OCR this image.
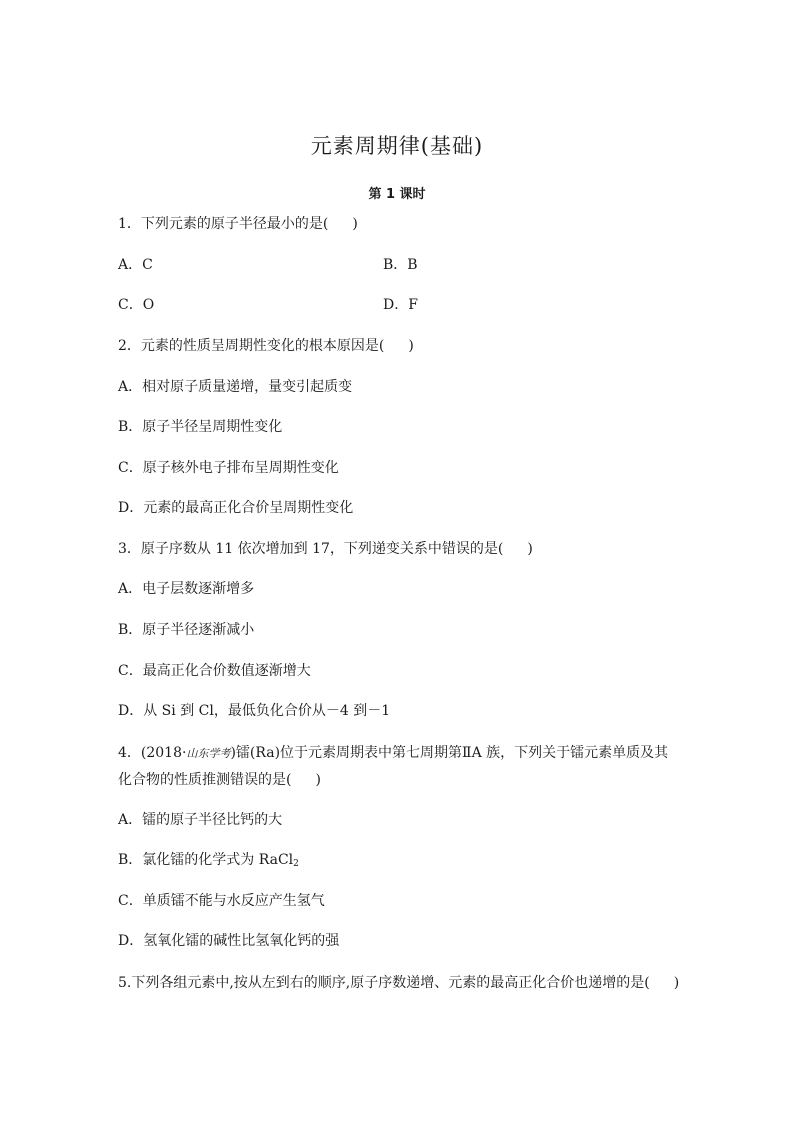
元素周期律(基础)
第 1 课时
1．下列元素的原子半径最小的是( )
A．C	B．B
C．O	D．F
2．元素的性质呈周期性变化的根本原因是( )
A．相对原子质量递增，量变引起质变
B．原子半径呈周期性变化
C．原子核外电子排布呈周期性变化
D．元素的最高正化合价呈周期性变化
3．原子序数从 11 依次增加到 17，下列递变关系中错误的是( )
A．电子层数逐渐增多
B．原子半径逐渐减小
C．最高正化合价数值逐渐增大
D．从 Si 到 Cl，最低负化合价从－4 到－1
4．(2018·山东学考)镭(Ra)位于元素周期表中第七周期第ⅡA 族，下列关于镭元素单质及其
化合物的性质推测错误的是( )
A．镭的原子半径比钙的大
B．氯化镭的化学式为 RaCl$_2$
C．单质镭不能与水反应产生氢气
D．氢氧化镭的碱性比氢氧化钙的强
5.下列各组元素中,按从左到右的顺序,原子序数递增、元素的最高正化合价也递增的是( )
